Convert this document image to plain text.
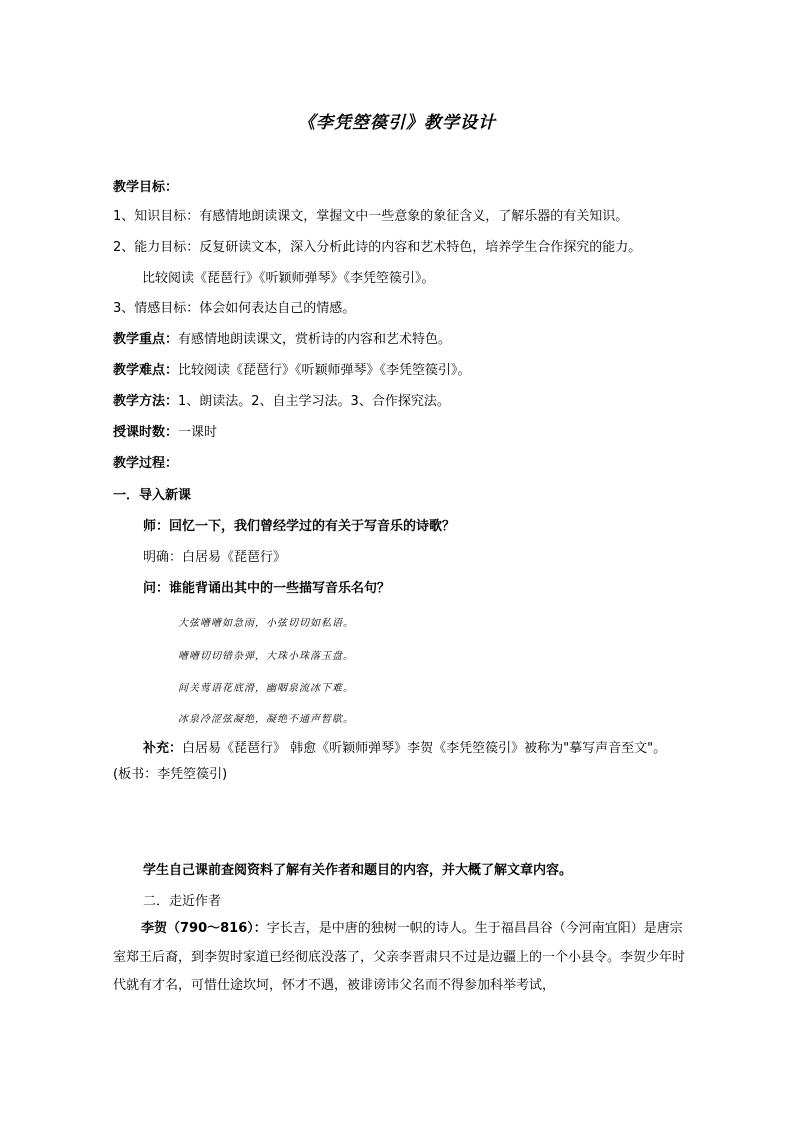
《李凭箜篌引》教学设计
教学目标：
1、知识目标：有感情地朗读课文，掌握文中一些意象的象征含义，了解乐器的有关知识。
2、能力目标：反复研读文本，深入分析此诗的内容和艺术特色，培养学生合作探究的能力。
比较阅读《琵琶行》《听颖师弹琴》《李凭箜篌引》。
3、情感目标：体会如何表达自己的情感。
教学重点：有感情地朗读课文，赏析诗的内容和艺术特色。
教学难点：比较阅读《琵琶行》《听颖师弹琴》《李凭箜篌引》。
教学方法：1、朗读法。2、自主学习法。3、合作探究法。
授课时数：一课时
教学过程：
一．导入新课
师：回忆一下，我们曾经学过的有关于写音乐的诗歌？
明确：白居易《琵琶行》
问：谁能背诵出其中的一些描写音乐名句？
大弦嘈嘈如急雨，小弦切切如私语。
嘈嘈切切错杂弹，大珠小珠落玉盘。
间关莺语花底滑，幽咽泉流冰下难。
冰泉冷涩弦凝绝，凝绝不通声暂歇。
补充：白居易《琵琶行》 韩愈《听颖师弹琴》李贺《李凭箜篌引》被称为"摹写声音至文"。(板书：李凭箜篌引)
学生自己课前查阅资料了解有关作者和题目的内容，并大概了解文章内容。
二．走近作者
李贺（790～816）：字长吉，是中唐的独树一帜的诗人。生于福昌昌谷（今河南宜阳）是唐宗室郑王后裔，到李贺时家道已经彻底没落了，父亲李晋肃只不过是边疆上的一个小县令。李贺少年时代就有才名，可惜仕途坎坷，怀才不遇，被诽谤讳父名而不得参加科举考试，
